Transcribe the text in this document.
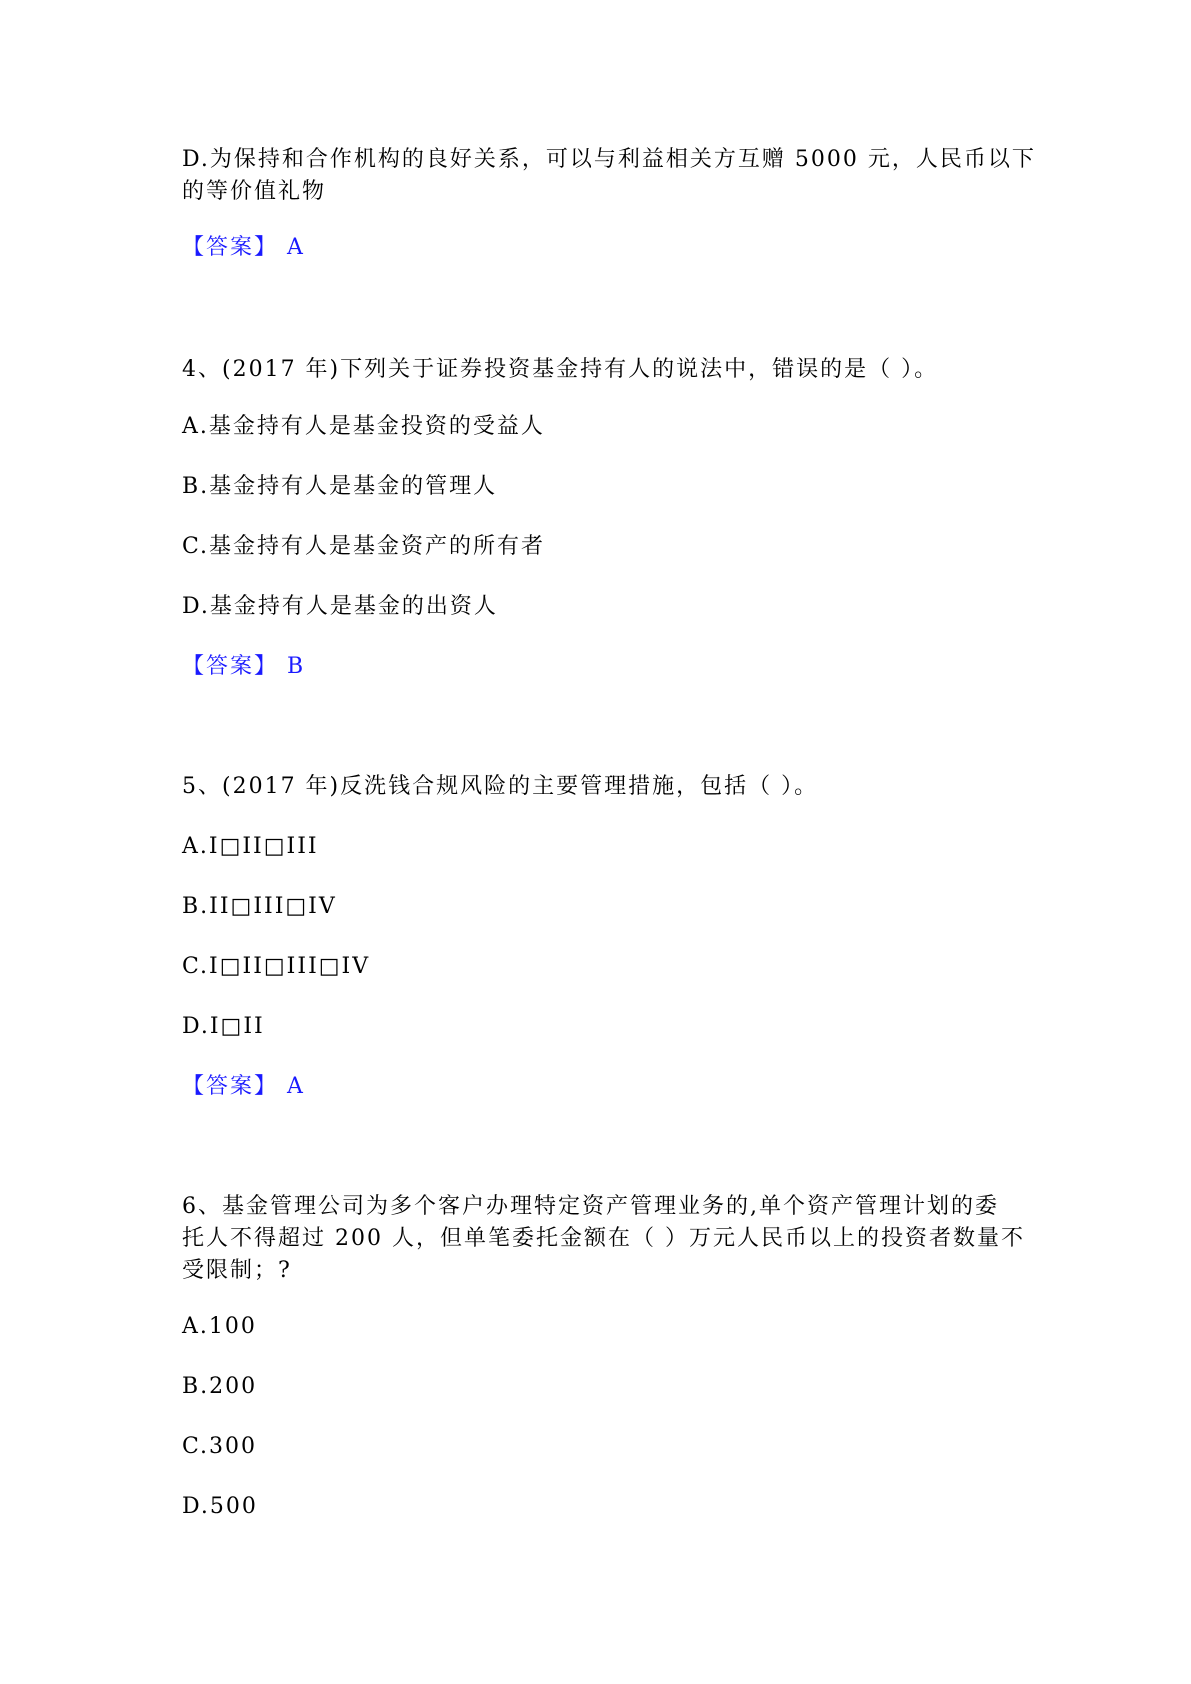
D.为保持和合作机构的良好关系，可以与利益相关方互赠 5000 元，人民币以下
的等价值礼物
【答案】 A
4、(2017 年)下列关于证券投资基金持有人的说法中，错误的是（ ）。
A.基金持有人是基金投资的受益人
B.基金持有人是基金的管理人
C.基金持有人是基金资产的所有者
D.基金持有人是基金的出资人
【答案】 B
5、(2017 年)反洗钱合规风险的主要管理措施，包括（ ）。
A.I□II□III
B.II□III□IV
C.I□II□III□IV
D.I□II
【答案】 A
6、基金管理公司为多个客户办理特定资产管理业务的,单个资产管理计划的委
托人不得超过 200 人，但单笔委托金额在（ ）万元人民币以上的投资者数量不
受限制；?
A.100
B.200
C.300
D.500
